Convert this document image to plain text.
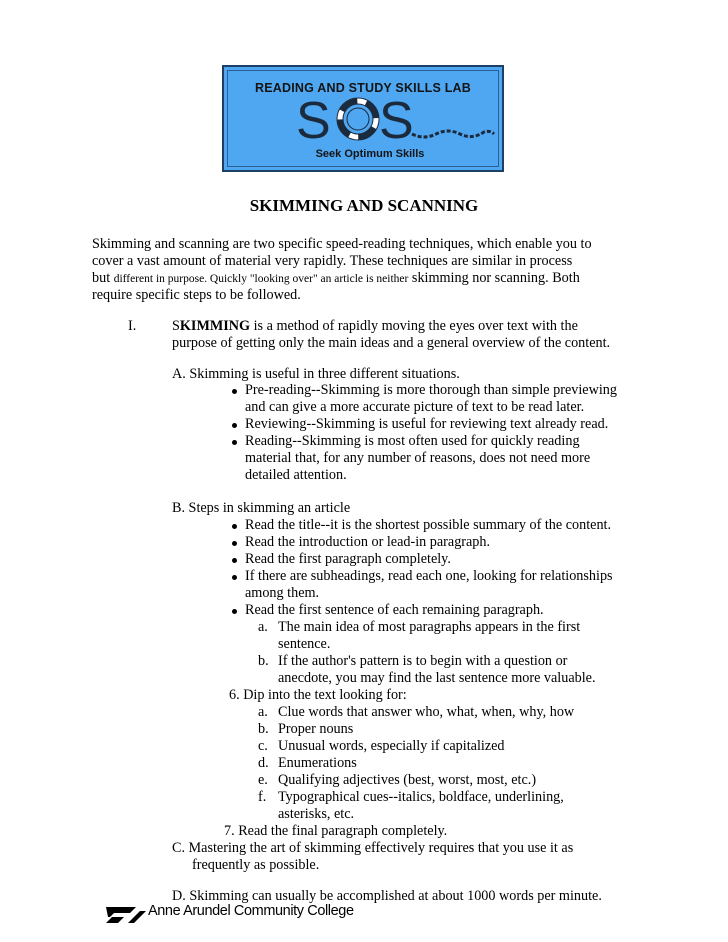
READING AND STUDY SKILLS LAB
S S
Seek Optimum Skills
SKIMMING AND SCANNING
Skimming and scanning are two specific speed-reading techniques, which enable you to
cover a vast amount of material very rapidly. These techniques are similar in process
but different in purpose. Quickly "looking over" an article is neither skimming nor scanning. Both
require specific steps to be followed.
I.	SKIMMING is a method of rapidly moving the eyes over text with the
purpose of getting only the main ideas and a general overview of the content.
A. Skimming is useful in three different situations.
Pre-reading--Skimming is more thorough than simple previewing
and can give a more accurate picture of text to be read later.
Reviewing--Skimming is useful for reviewing text already read.
Reading--Skimming is most often used for quickly reading
material that, for any number of reasons, does not need more
detailed attention.
B. Steps in skimming an article
Read the title--it is the shortest possible summary of the content.
Read the introduction or lead-in paragraph.
Read the first paragraph completely.
If there are subheadings, read each one, looking for relationships
among them.
Read the first sentence of each remaining paragraph.
a. The main idea of most paragraphs appears in the first
sentence.
b. If the author's pattern is to begin with a question or
anecdote, you may find the last sentence more valuable.
6. Dip into the text looking for:
a. Clue words that answer who, what, when, why, how
b. Proper nouns
c. Unusual words, especially if capitalized
d. Enumerations
e. Qualifying adjectives (best, worst, most, etc.)
f. Typographical cues--italics, boldface, underlining,
asterisks, etc.
7. Read the final paragraph completely.
C. Mastering the art of skimming effectively requires that you use it as
frequently as possible.
D. Skimming can usually be accomplished at about 1000 words per minute.
Anne Arundel Community College
